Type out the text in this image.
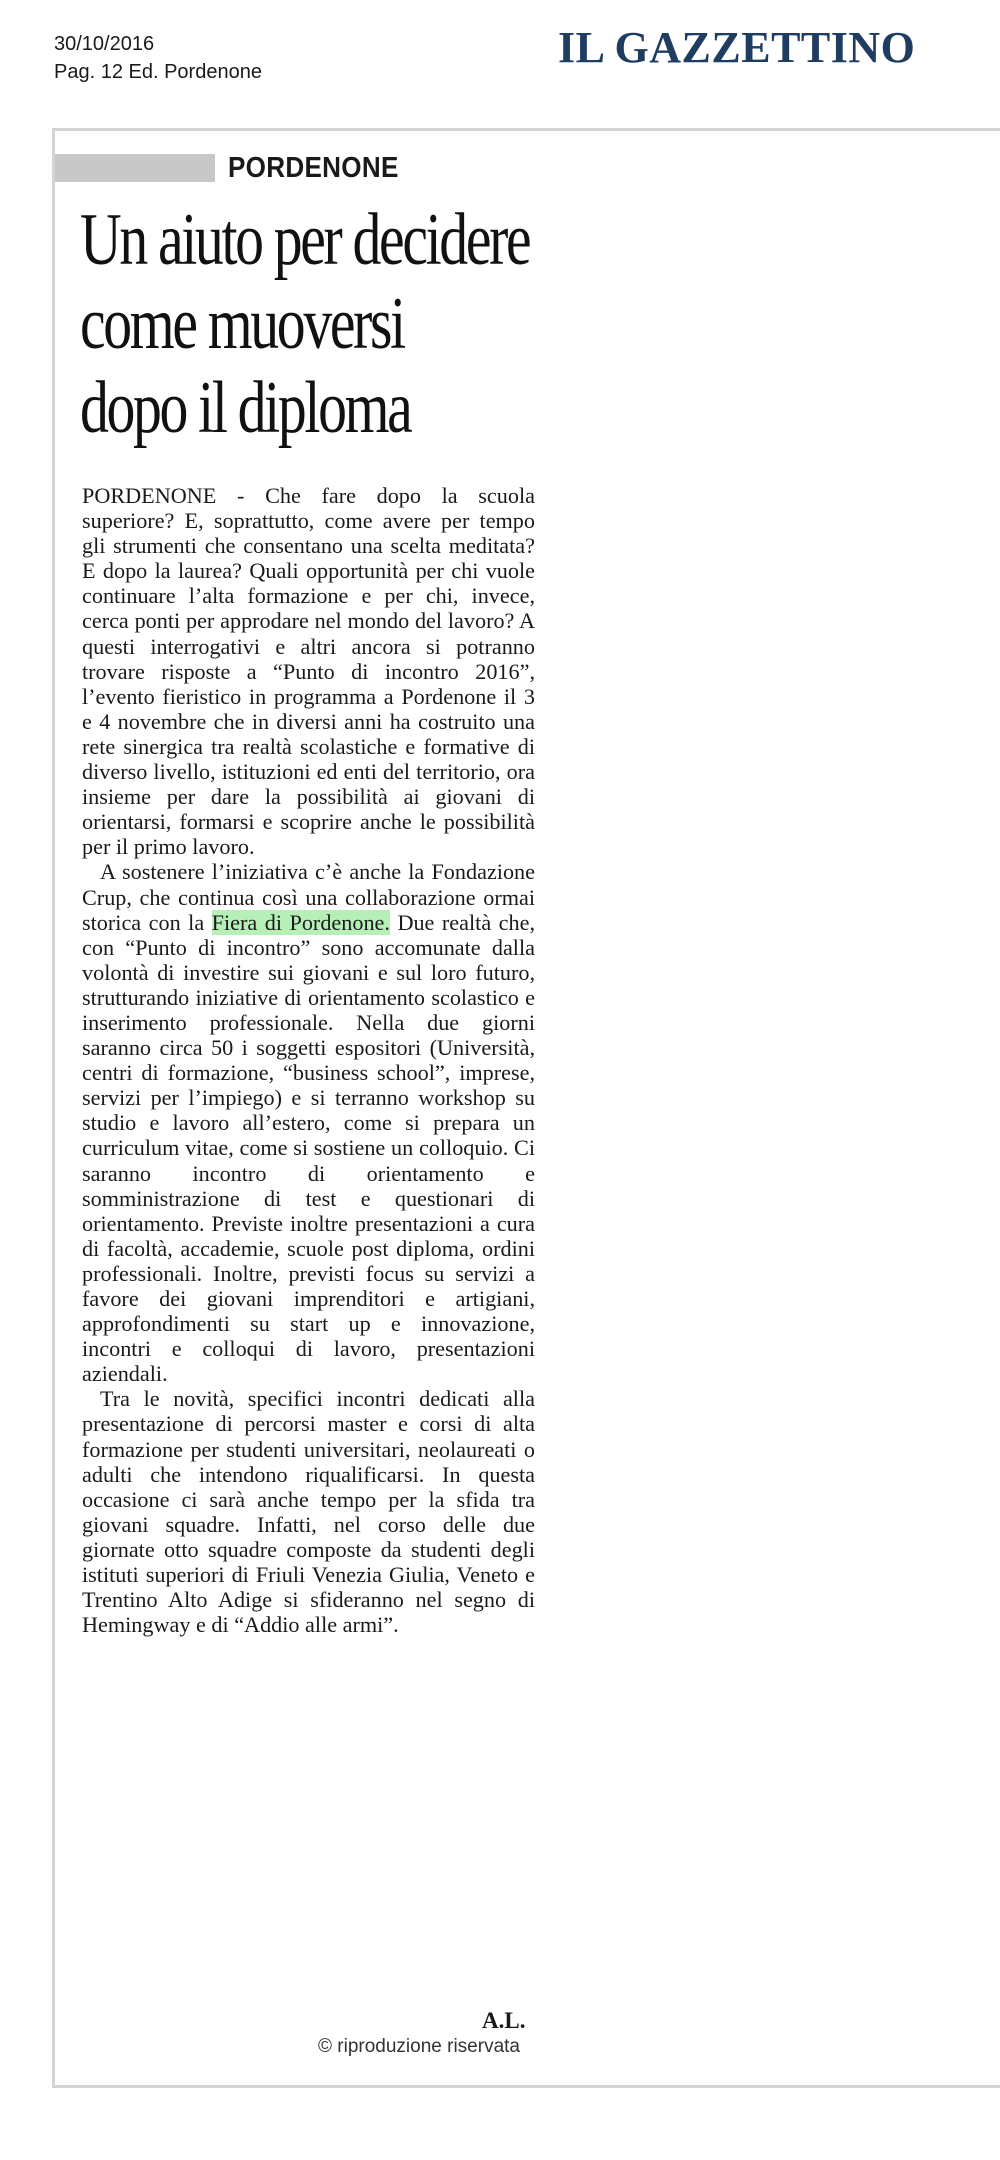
30/10/2016
Pag. 12 Ed. Pordenone	IL GAZZETTINO
PORDENONE
Un aiuto per decidere
come muoversi
dopo il diploma

PORDENONE - Che fare dopo la scuola superiore? E, soprattutto, come avere per tempo gli strumenti che consentano una scelta meditata? E dopo la laurea? Quali opportunità per chi vuole continuare l’alta formazione e per chi, invece, cerca ponti per approdare nel mondo del lavoro? A questi interrogativi e altri ancora si potranno trovare risposte a “Punto di incontro 2016”, l’evento fieristico in programma a Pordenone il 3 e 4 novembre che in diversi anni ha costruito una rete sinergica tra realtà scolastiche e formative di diverso livello, istituzioni ed enti del territorio, ora insieme per dare la possibilità ai giovani di orientarsi, formarsi e scoprire anche le possibilità per il primo lavoro.

A sostenere l’iniziativa c’è anche la Fondazione Crup, che continua così una collaborazione ormai storica con la Fiera di Pordenone. Due realtà che, con “Punto di incontro” sono accomunate dalla volontà di investire sui giovani e sul loro futuro, strutturando iniziative di orientamento scolastico e inserimento professionale. Nella due giorni saranno circa 50 i soggetti espositori (Università, centri di formazione, “business school”, imprese, servizi per l’impiego) e si terranno workshop su studio e lavoro all’estero, come si prepara un curriculum vitae, come si sostiene un colloquio. Ci saranno incontro di orientamento e somministrazione di test e questionari di orientamento. Previste inoltre presentazioni a cura di facoltà, accademie, scuole post diploma, ordini professionali. Inoltre, previsti focus su servizi a favore dei giovani imprenditori e artigiani, approfondimenti su start up e innovazione, incontri e colloqui di lavoro, presentazioni aziendali.

Tra le novità, specifici incontri dedicati alla presentazione di percorsi master e corsi di alta formazione per studenti universitari, neolaureati o adulti che intendono riqualificarsi. In questa occasione ci sarà anche tempo per la sfida tra giovani squadre. Infatti, nel corso delle due giornate otto squadre composte da studenti degli istituti superiori di Friuli Venezia Giulia, Veneto e Trentino Alto Adige si sfideranno nel segno di Hemingway e di “Addio alle armi”.

A.L.
© riproduzione riservata
